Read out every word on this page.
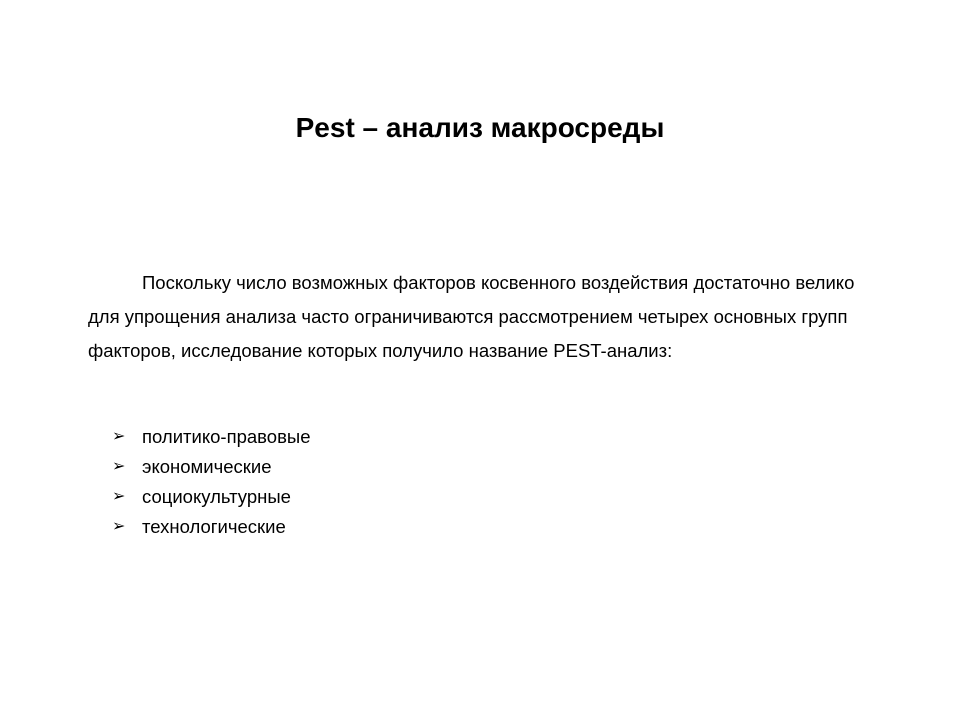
Pest – анализ макросреды

Поскольку число возможных факторов косвенного воздействия достаточно велико для упрощения анализа часто ограничиваются рассмотрением четырех основных групп факторов, исследование которых получило название PEST-анализ:

➢ политико-правовые
➢ экономические
➢ социокультурные
➢ технологические
